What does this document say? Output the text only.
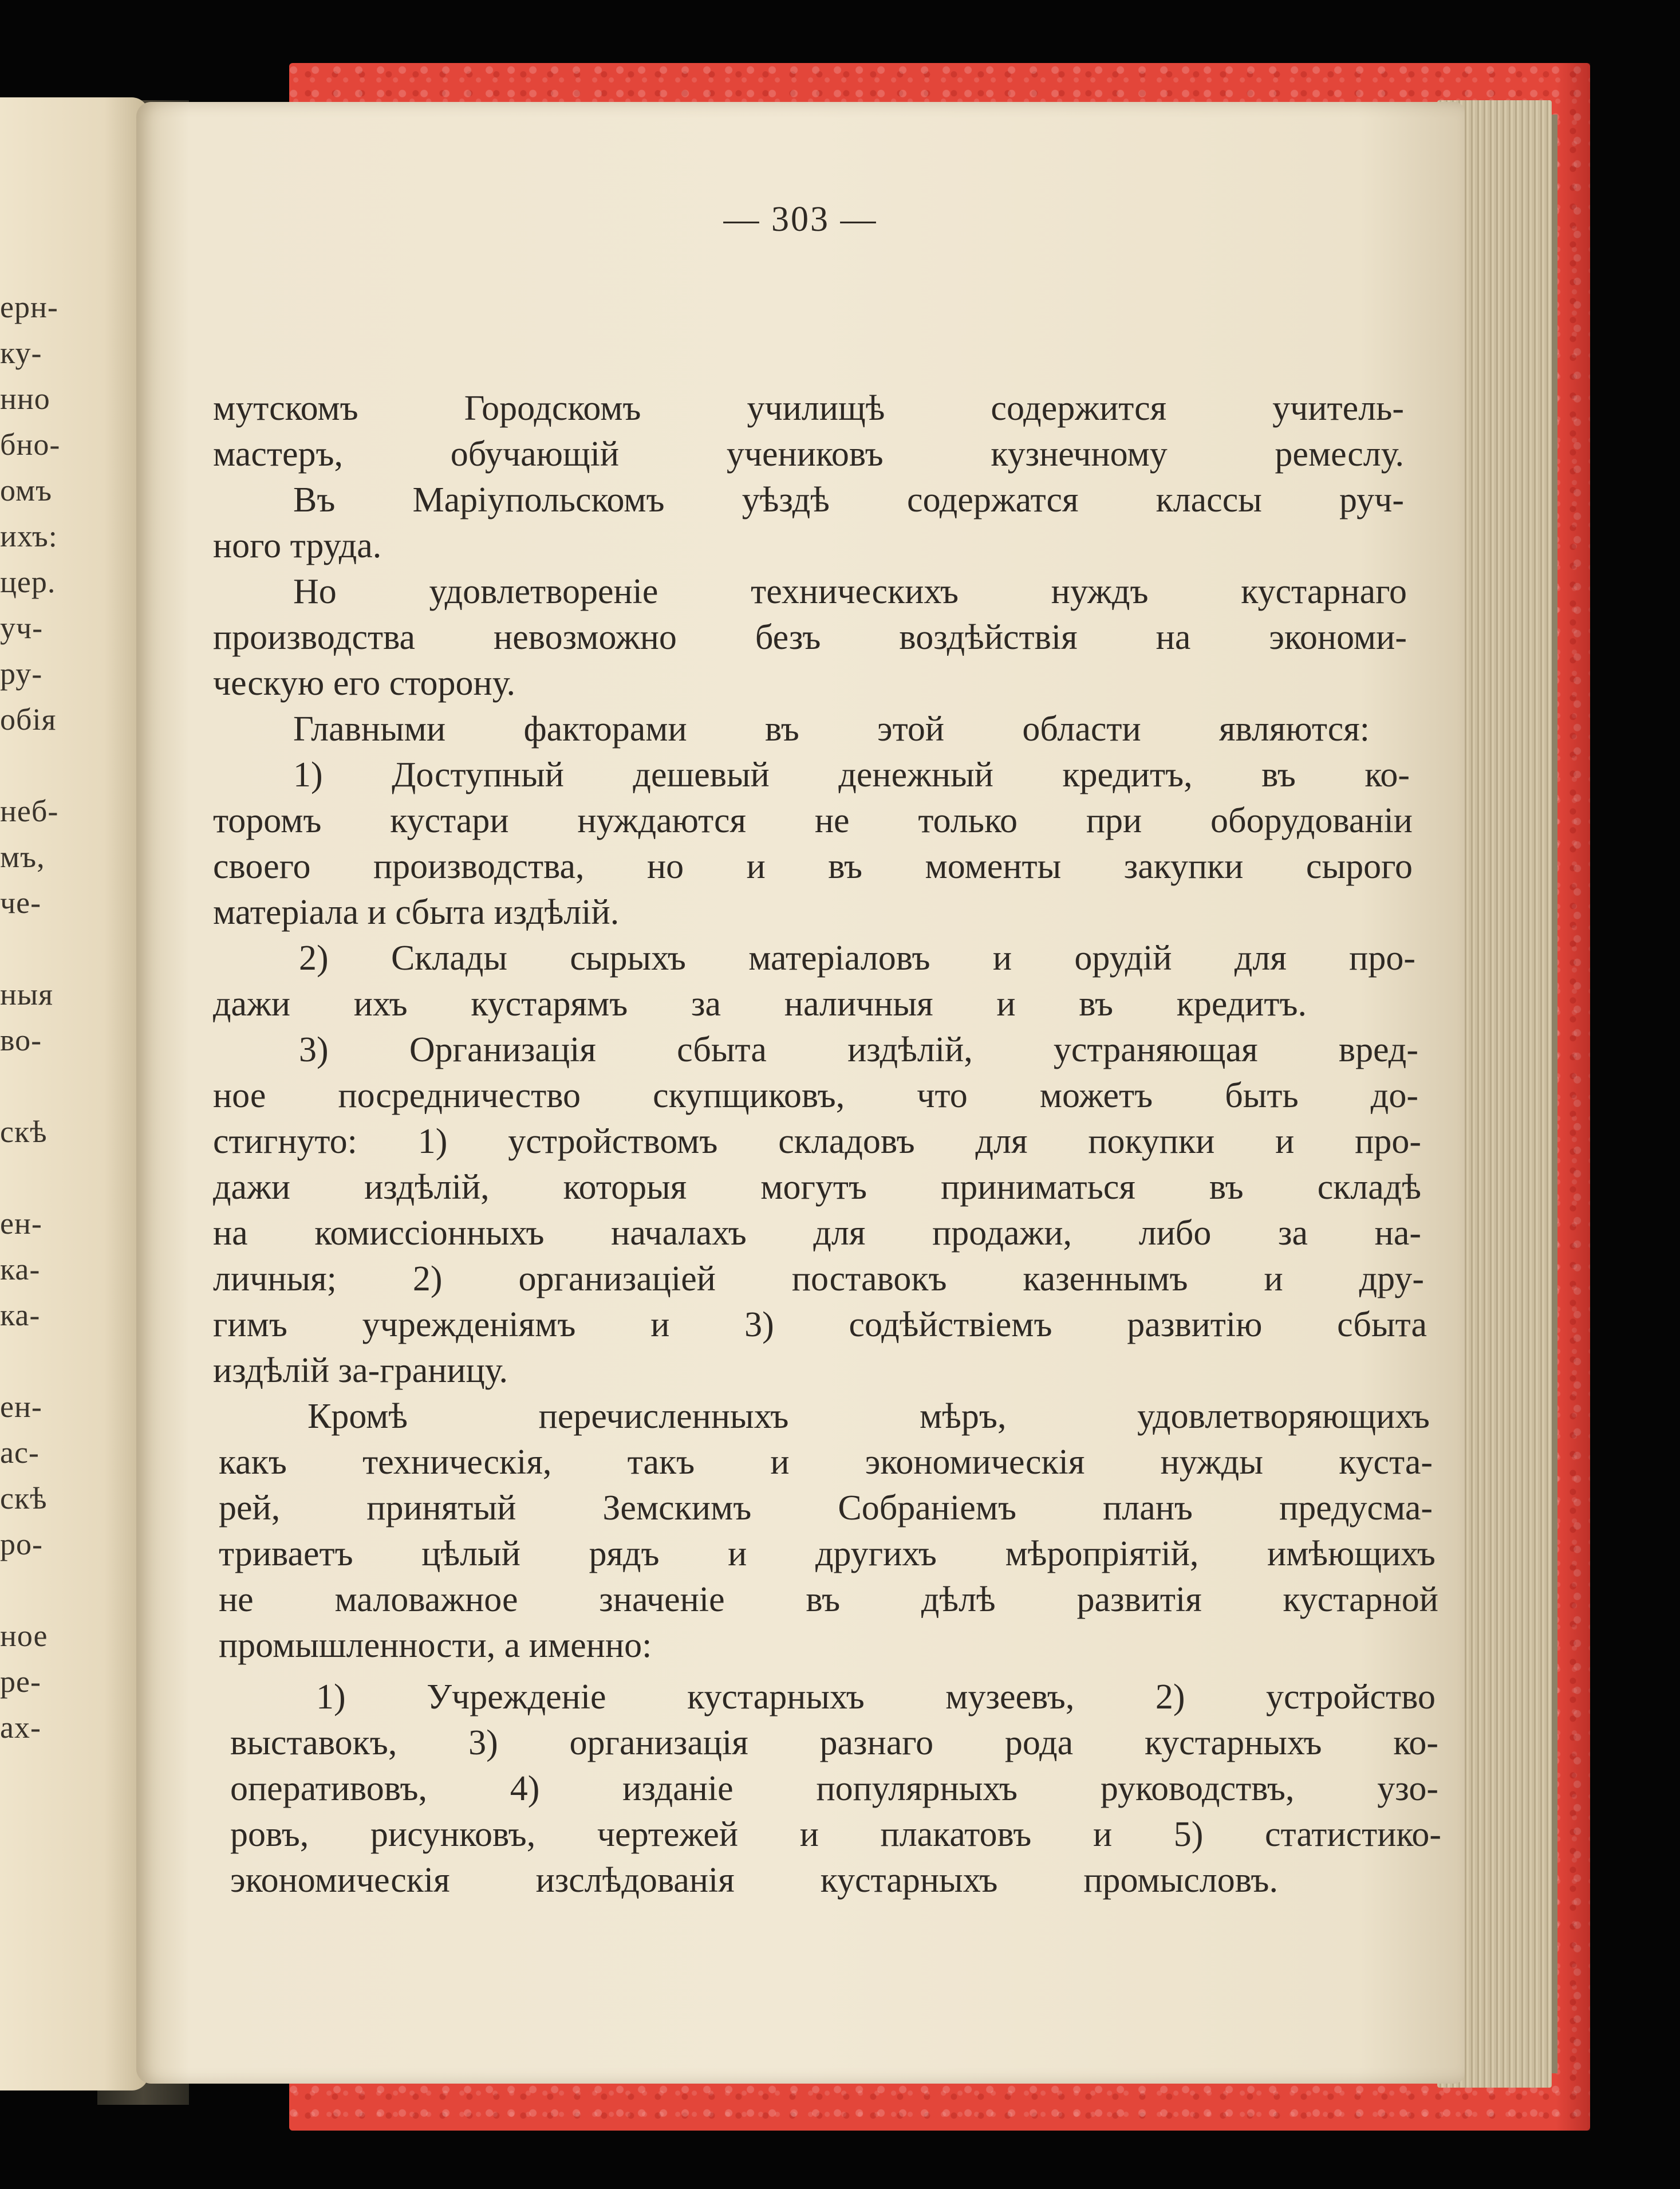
ерн-

ку-

нно

бно-

омъ

ихъ:

цер.

уч-

ру-

обія

неб-

мъ,

че-

ныя

во-

скѣ

ен-

ка-

ка-

ен-

ас-

скѣ

ро-

ное

ре-

ах-

— 303 —

мутскомъ Городскомъ училищѣ содержится учитель-

мастеръ, обучающій учениковъ кузнечному ремеслу.

Въ Маріупольскомъ уѣздѣ содержатся классы руч-

ного труда.

Но удовлетвореніе техническихъ нуждъ кустарнаго

производства невозможно безъ воздѣйствія на экономи-

ческую его сторону.

Главными факторами въ этой области являются:

1) Доступный дешевый денежный кредитъ, въ ко-

торомъ кустари нуждаются не только при оборудованіи

своего производства, но и въ моменты закупки сырого

матеріала и сбыта издѣлій.

2) Склады сырыхъ матеріаловъ и орудій для про-

дажи ихъ кустарямъ за наличныя и въ кредитъ.

3) Организація сбыта издѣлій, устраняющая вред-

ное посредничество скупщиковъ, что можетъ быть до-

стигнуто: 1) устройствомъ складовъ для покупки и про-

дажи издѣлій, которыя могутъ приниматься въ складѣ

на комиссіонныхъ началахъ для продажи, либо за на-

личныя; 2) организаціей поставокъ казеннымъ и дру-

гимъ учрежденіямъ и 3) содѣйствіемъ развитію сбыта

издѣлій за-границу.

Кромѣ перечисленныхъ мѣръ, удовлетворяющихъ

какъ техническія, такъ и экономическія нужды куста-

рей, принятый Земскимъ Собраніемъ планъ предусма-

триваетъ цѣлый рядъ и другихъ мѣропріятій, имѣющихъ

не маловажное значеніе въ дѣлѣ развитія кустарной

промышленности, а именно:

1) Учрежденіе кустарныхъ музеевъ, 2) устройство

выставокъ, 3) организація разнаго рода кустарныхъ ко-

оперативовъ, 4) изданіе популярныхъ руководствъ, узо-

ровъ, рисунковъ, чертежей и плакатовъ и 5) статистико-

экономическія изслѣдованія кустарныхъ промысловъ.
